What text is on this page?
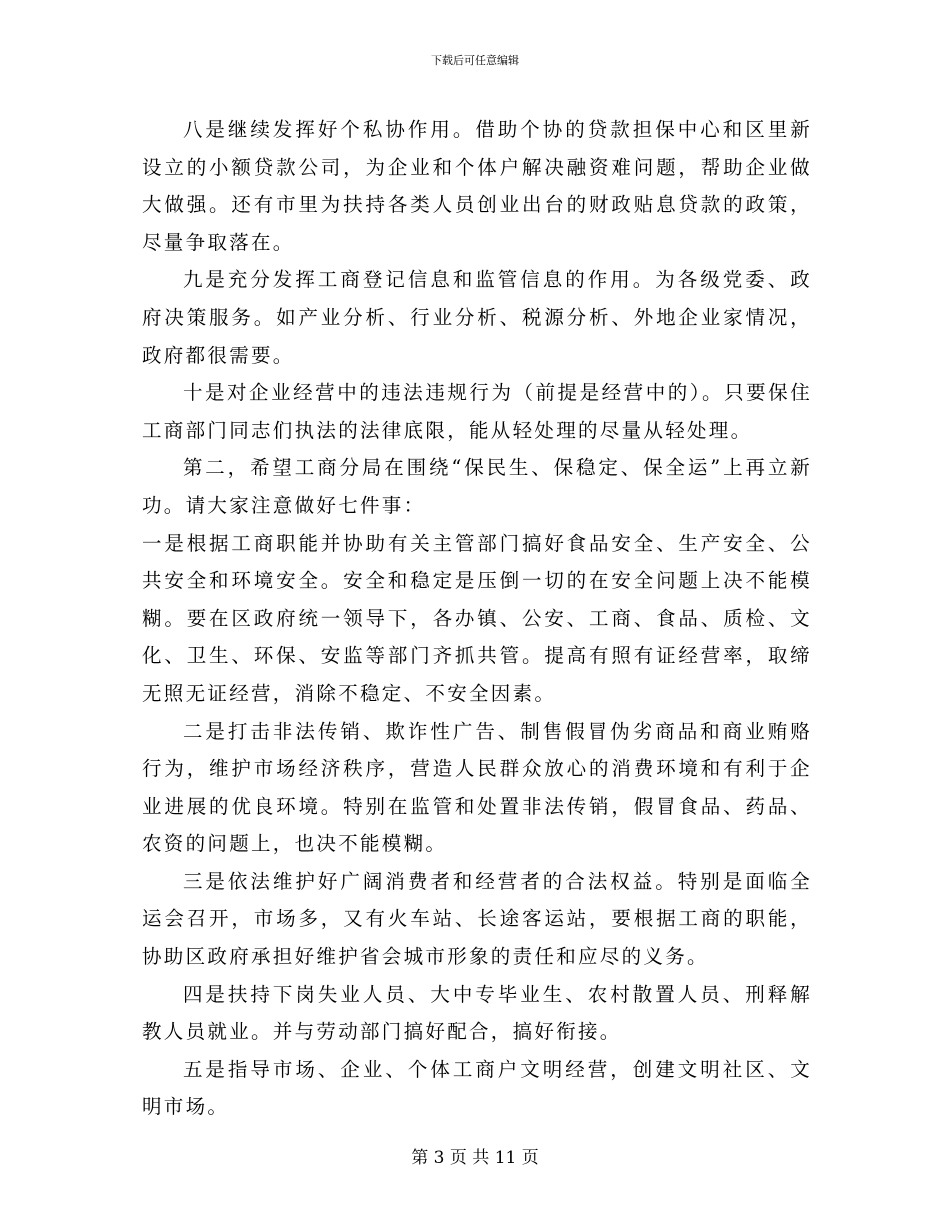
下载后可任意编辑

八是继续发挥好个私协作用。借助个协的贷款担保中心和区里新设立的小额贷款公司，为企业和个体户解决融资难问题，帮助企业做大做强。还有市里为扶持各类人员创业出台的财政贴息贷款的政策，尽量争取落在。

九是充分发挥工商登记信息和监管信息的作用。为各级党委、政府决策服务。如产业分析、行业分析、税源分析、外地企业家情况，政府都很需要。

十是对企业经营中的违法违规行为（前提是经营中的）。只要保住工商部门同志们执法的法律底限，能从轻处理的尽量从轻处理。

第二，希望工商分局在围绕“保民生、保稳定、保全运”上再立新功。请大家注意做好七件事：

一是根据工商职能并协助有关主管部门搞好食品安全、生产安全、公共安全和环境安全。安全和稳定是压倒一切的在安全问题上决不能模糊。要在区政府统一领导下，各办镇、公安、工商、食品、质检、文化、卫生、环保、安监等部门齐抓共管。提高有照有证经营率，取缔无照无证经营，消除不稳定、不安全因素。

二是打击非法传销、欺诈性广告、制售假冒伪劣商品和商业贿赂行为，维护市场经济秩序，营造人民群众放心的消费环境和有利于企业进展的优良环境。特别在监管和处置非法传销，假冒食品、药品、农资的问题上，也决不能模糊。

三是依法维护好广阔消费者和经营者的合法权益。特别是面临全运会召开，市场多，又有火车站、长途客运站，要根据工商的职能，协助区政府承担好维护省会城市形象的责任和应尽的义务。

四是扶持下岗失业人员、大中专毕业生、农村散置人员、刑释解教人员就业。并与劳动部门搞好配合，搞好衔接。

五是指导市场、企业、个体工商户文明经营，创建文明社区、文明市场。

第 3 页 共 11 页
